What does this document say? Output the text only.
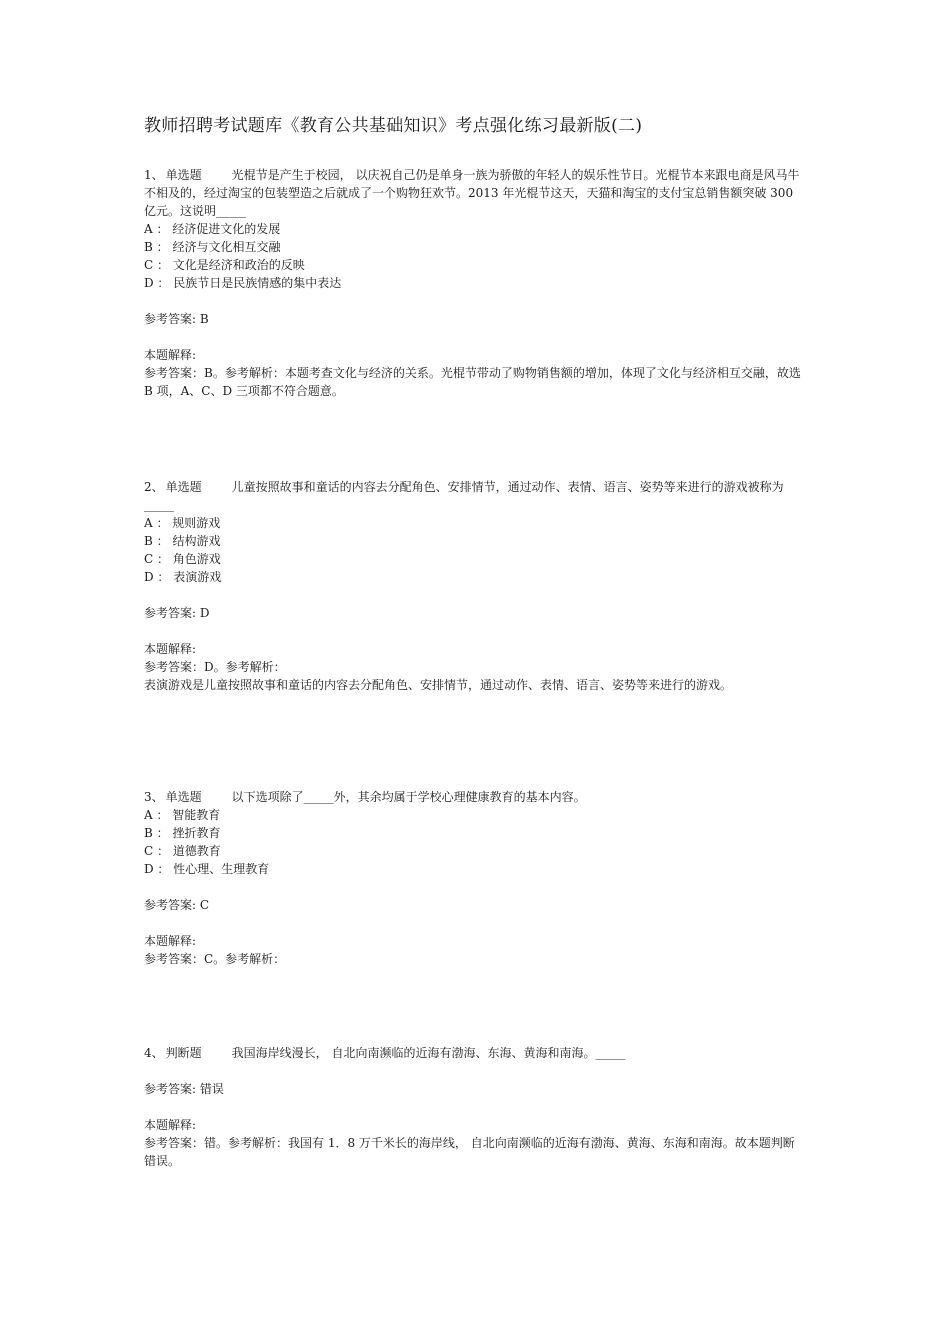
教师招聘考试题库《教育公共基础知识》考点强化练习最新版(二)
1、 单选题	光棍节是产生于校园， 以庆祝自己仍是单身一族为骄傲的年轻人的娱乐性节日。光棍节本来跟电商是风马牛不相及的，经过淘宝的包装塑造之后就成了一个购物狂欢节。2013 年光棍节这天，天猫和淘宝的支付宝总销售额突破 300 亿元。这说明_____
A ： 经济促进文化的发展
B ： 经济与文化相互交融
C ： 文化是经济和政治的反映
D ： 民族节日是民族情感的集中表达
参考答案: B
本题解释:
参考答案：B。参考解析：本题考查文化与经济的关系。光棍节带动了购物销售额的增加，体现了文化与经济相互交融，故选 B 项，A、C、D 三项都不符合题意。
2、 单选题	儿童按照故事和童话的内容去分配角色、安排情节，通过动作、表情、语言、姿势等来进行的游戏被称为_____
A ： 规则游戏
B ： 结构游戏
C ： 角色游戏
D ： 表演游戏
参考答案: D
本题解释:
参考答案：D。参考解析：
表演游戏是儿童按照故事和童话的内容去分配角色、安排情节，通过动作、表情、语言、姿势等来进行的游戏。
3、 单选题	以下选项除了_____外，其余均属于学校心理健康教育的基本内容。
A ： 智能教育
B ： 挫折教育
C ： 道德教育
D ： 性心理、生理教育
参考答案: C
本题解释:
参考答案：C。参考解析：
4、 判断题	我国海岸线漫长， 自北向南濒临的近海有渤海、东海、黄海和南海。_____
参考答案: 错误
本题解释:
参考答案：错。参考解析：我国有 1．8 万千米长的海岸线， 自北向南濒临的近海有渤海、黄海、东海和南海。故本题判断错误。
